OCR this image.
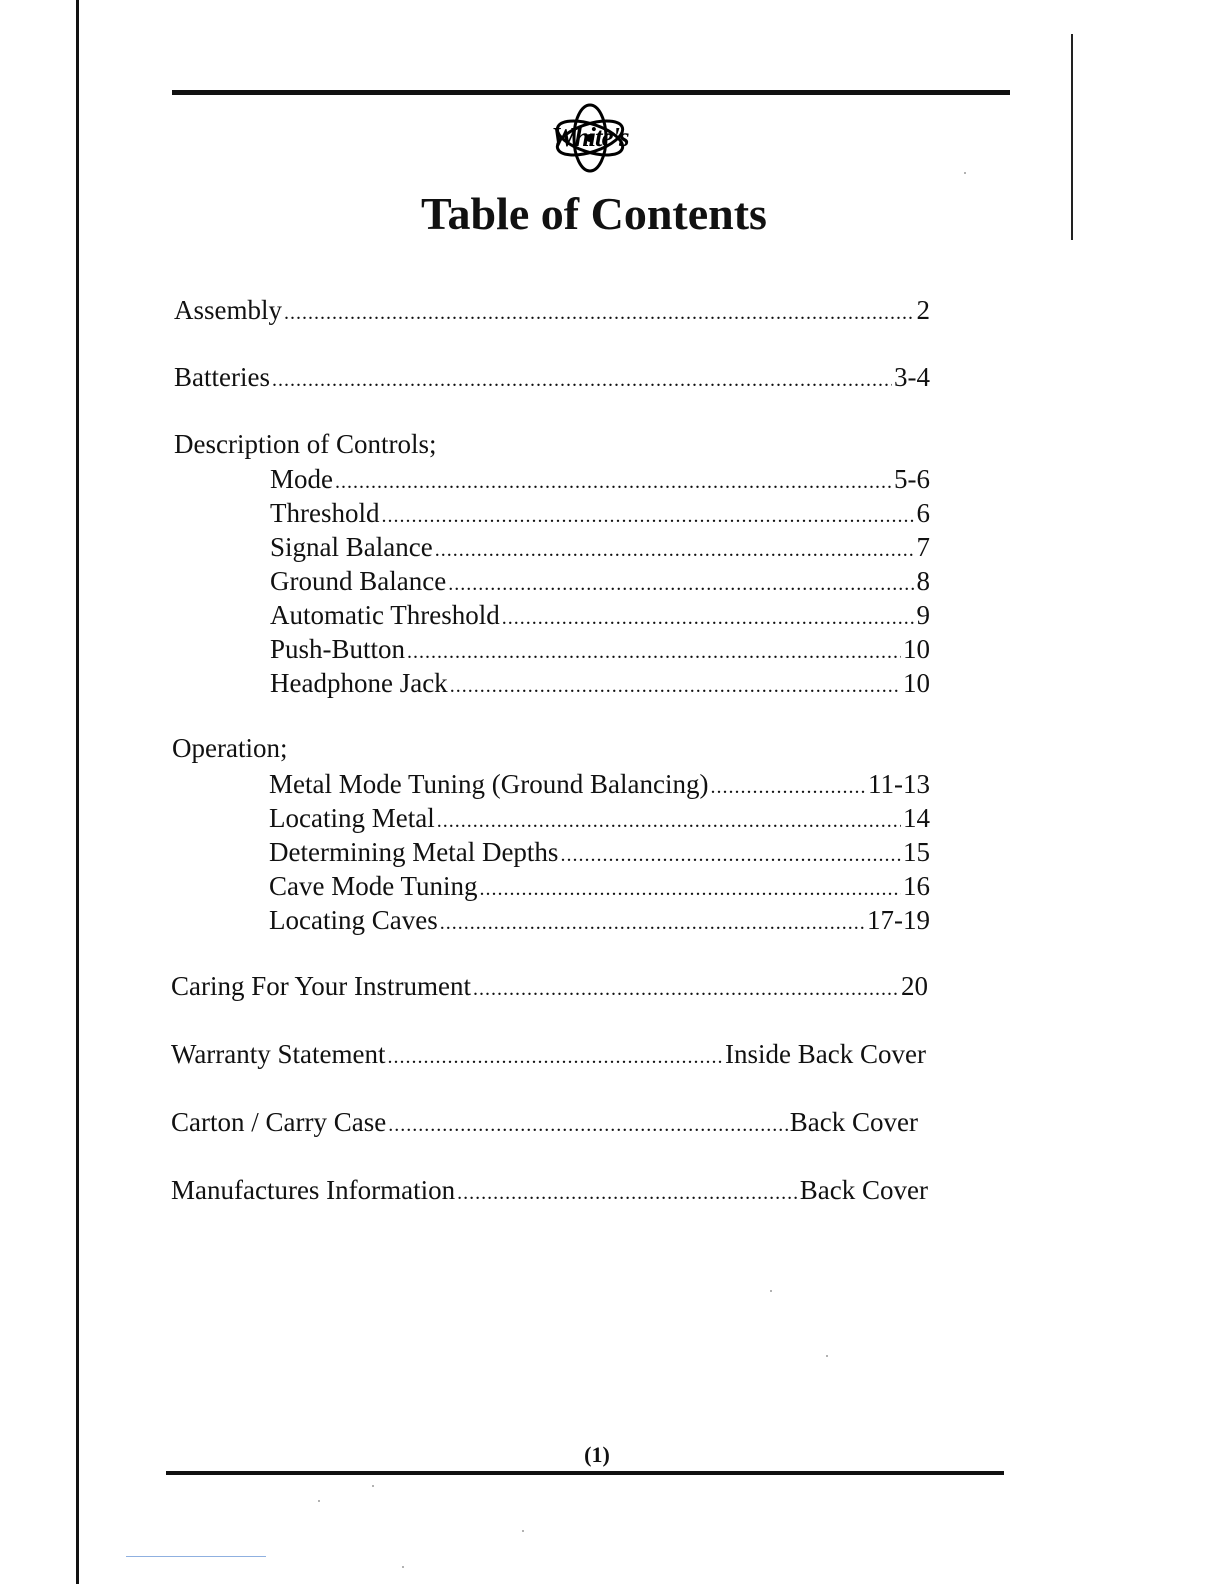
White's
Table of Contents
Assembly .....	2
Batteries .....	3-4
Description of Controls;
Mode .....	5-6
Threshold .....	6
Signal Balance .....	7
Ground Balance .....	8
Automatic Threshold .....	9
Push-Button .....	10
Headphone Jack .....	10
Operation;
Metal Mode Tuning (Ground Balancing) .....	11-13
Locating Metal .....	14
Determining Metal Depths .....	15
Cave Mode Tuning .....	16
Locating Caves .....	17-19
Caring For Your Instrument .....	20
Warranty Statement .....	Inside Back Cover
Carton / Carry Case .....	Back Cover
Manufactures Information .....	Back Cover
(1)
